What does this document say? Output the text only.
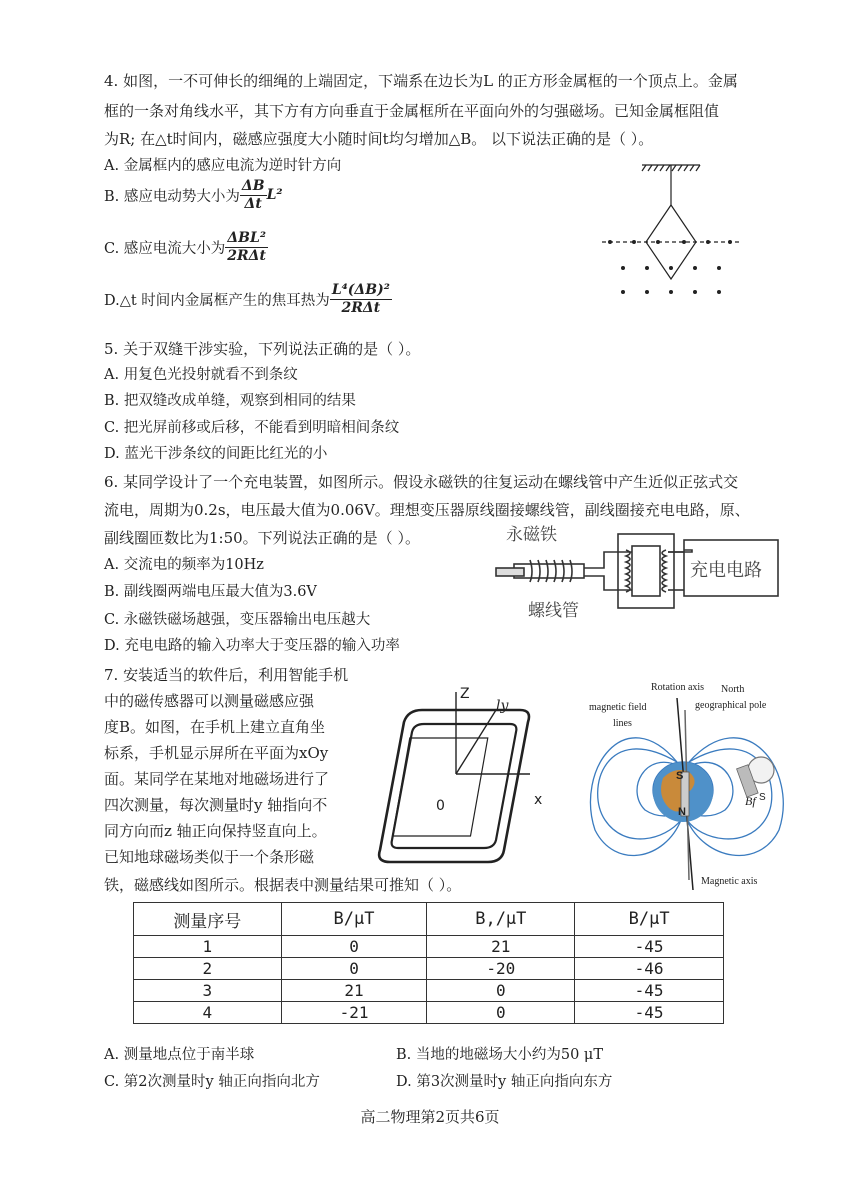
4. 如图，一不可伸长的细绳的上端固定，下端系在边长为L 的正方形金属框的一个顶点上。金属
框的一条对角线水平，其下方有方向垂直于金属框所在平面向外的匀强磁场。已知金属框阻值
为R; 在△t时间内，磁感应强度大小随时间t均匀增加△B。 以下说法正确的是（ ）。
A. 金属框内的感应电流为逆时针方向
B. 感应电动势大小为 $\frac{\Delta B}{\Delta t} L^2$
C. 感应电流大小为 $\frac{\text{ΔBL²}}{\text{2RΔt}}$
D.△t 时间内金属框产生的焦耳热为 $\frac{\text{L⁴(ΔB)²}}{\text{2RΔt}}$
5. 关于双缝干涉实验，下列说法正确的是（ ）。
A. 用复色光投射就看不到条纹
B. 把双缝改成单缝，观察到相同的结果
C. 把光屏前移或后移，不能看到明暗相间条纹
D. 蓝光干涉条纹的间距比红光的小
6. 某同学设计了一个充电装置，如图所示。假设永磁铁的往复运动在螺线管中产生近似正弦式交
流电，周期为0.2s，电压最大值为0.06V。理想变压器原线圈接螺线管，副线圈接充电电路，原、
副线圈匝数比为1:50。下列说法正确的是（ ）。
A. 交流电的频率为10Hz
B. 副线圈两端电压最大值为3.6V
C. 永磁铁磁场越强，变压器输出电压越大
D. 充电电路的输入功率大于变压器的输入功率
永磁铁
螺线管
充电电路
7. 安装适当的软件后，利用智能手机
中的磁传感器可以测量磁感应强
度B。如图，在手机上建立直角坐
标系，手机显示屏所在平面为xOy
面。某同学在某地对地磁场进行了
四次测量，每次测量时y 轴指向不
同方向而z 轴正向保持竖直向上。
已知地球磁场类似于一个条形磁
铁，磁感线如图所示。根据表中测量结果可推知（ ）。
Z
ly
0	x
Rotation axis North
geographical pole
magnetic field
lines
S
N
Bf S
Magnetic axis
测量序号	B/μT	B,/μT	B/μT
1	0	21	-45
2	0	-20	-46
3	21	0	-45
4	-21	0	-45
A. 测量地点位于南半球	B. 当地的地磁场大小约为50 μT
C. 第2次测量时y 轴正向指向北方	D. 第3次测量时y 轴正向指向东方
高二物理第2页共6页
